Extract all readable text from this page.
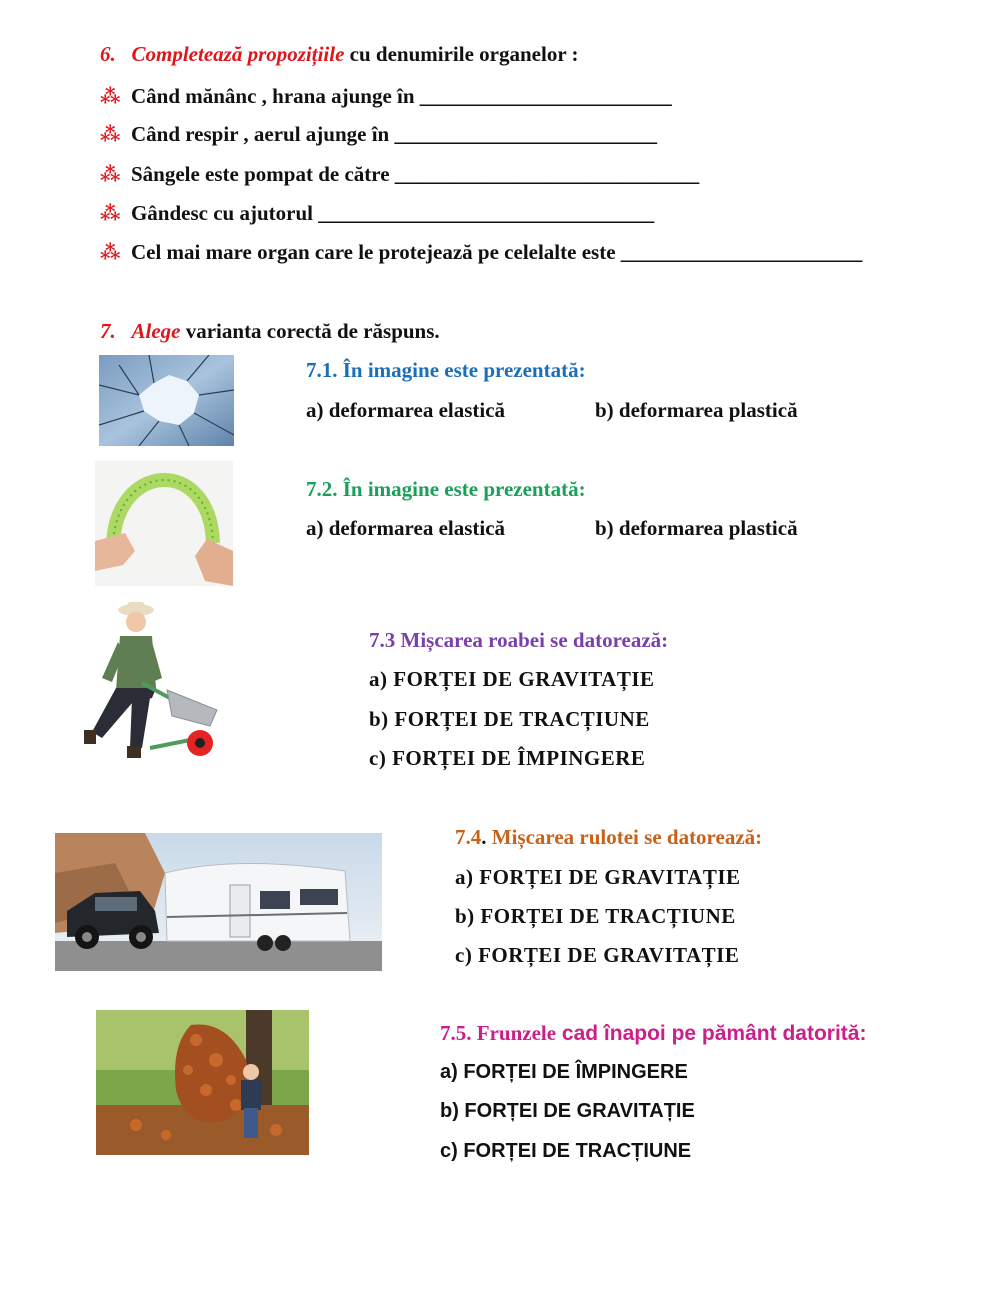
6. Completează propozițiile cu denumirile organelor :
⁂ Când mănânc , hrana ajunge în ________________________
⁂ Când respir , aerul ajunge în _________________________
⁂ Sângele este pompat de către _____________________________
⁂ Gândesc cu ajutorul ________________________________
⁂ Cel mai mare organ care le protejează pe celelalte este _______________________
7. Alege varianta corectă de răspuns.
7.1. În imagine este prezentată:
a) deformarea elastică	b) deformarea plastică
7.2. În imagine este prezentată:
a) deformarea elastică	b) deformarea plastică
7.3 Mișcarea roabei se datorează:
a) FORȚEI DE GRAVITAȚIE
b) FORȚEI DE TRACȚIUNE
c) FORȚEI DE ÎMPINGERE
7.4. Mișcarea rulotei se datorează:
a) FORȚEI DE GRAVITAȚIE
b) FORȚEI DE TRACȚIUNE
c) FORȚEI DE GRAVITAȚIE
7.5. Frunzele cad înapoi pe pământ datorită:
a) FORȚEI DE ÎMPINGERE
b) FORȚEI DE GRAVITAȚIE
c) FORȚEI DE TRACȚIUNE
